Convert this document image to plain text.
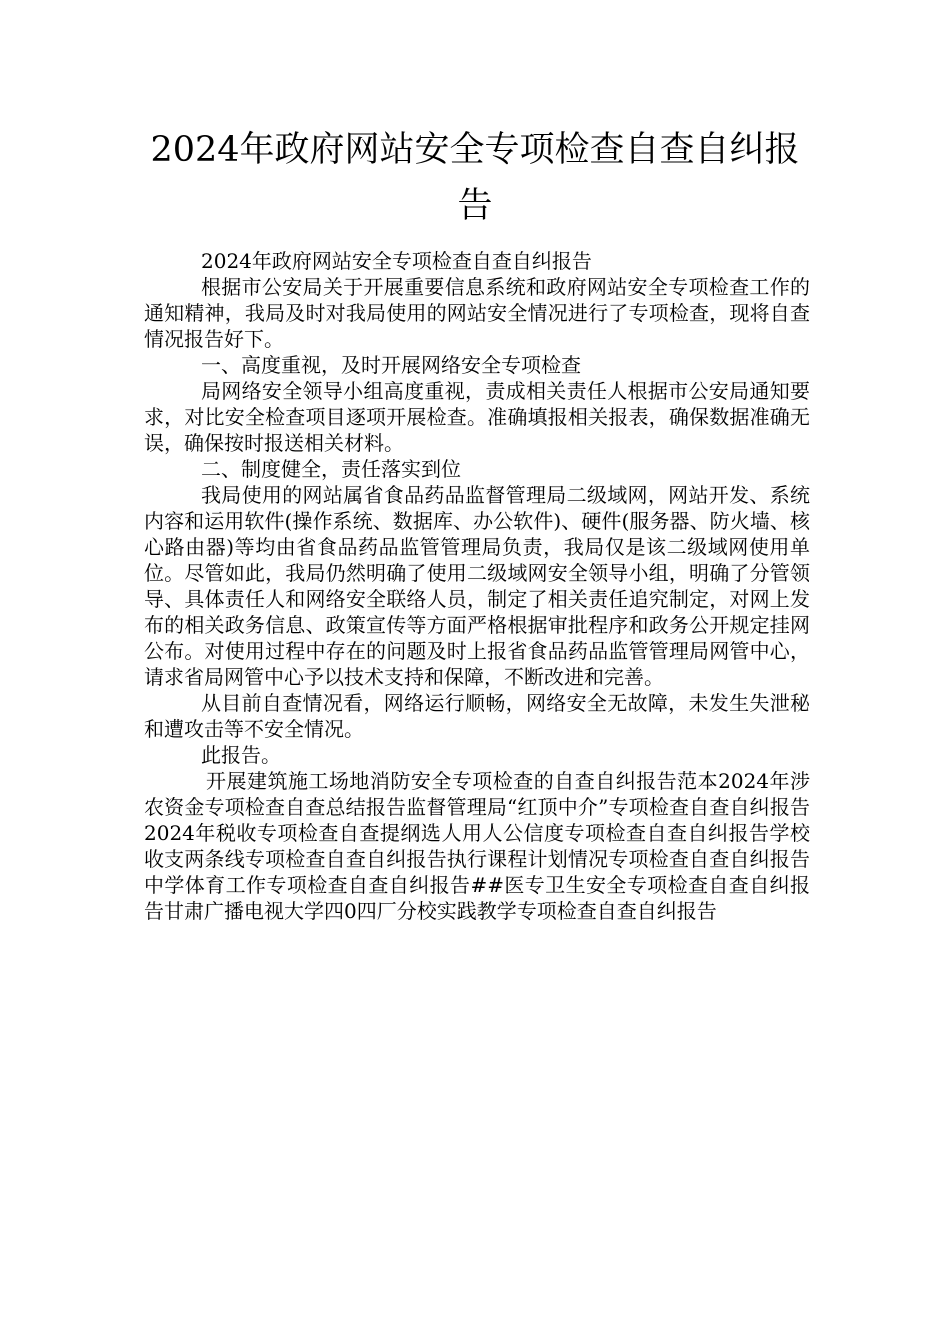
2024年政府网站安全专项检查自查自纠报告

2024年政府网站安全专项检查自查自纠报告

根据市公安局关于开展重要信息系统和政府网站安全专项检查工作的通知精神，我局及时对我局使用的网站安全情况进行了专项检查，现将自查情况报告好下。

一、高度重视，及时开展网络安全专项检查

局网络安全领导小组高度重视，责成相关责任人根据市公安局通知要求，对比安全检查项目逐项开展检查。准确填报相关报表，确保数据准确无误，确保按时报送相关材料。

二、制度健全，责任落实到位

我局使用的网站属省食品药品监督管理局二级域网，网站开发、系统内容和运用软件(操作系统、数据库、办公软件)、硬件(服务器、防火墙、核心路由器)等均由省食品药品监管管理局负责，我局仅是该二级域网使用单位。尽管如此，我局仍然明确了使用二级域网安全领导小组，明确了分管领导、具体责任人和网络安全联络人员，制定了相关责任追究制定，对网上发布的相关政务信息、政策宣传等方面严格根据审批程序和政务公开规定挂网公布。对使用过程中存在的问题及时上报省食品药品监管管理局网管中心，请求省局网管中心予以技术支持和保障，不断改进和完善。

从目前自查情况看，网络运行顺畅，网络安全无故障，未发生失泄秘和遭攻击等不安全情况。

此报告。

开展建筑施工场地消防安全专项检查的自查自纠报告范本2024年涉农资金专项检查自查总结报告监督管理局“红顶中介”专项检查自查自纠报告2024年税收专项检查自查提纲选人用人公信度专项检查自查自纠报告学校收支两条线专项检查自查自纠报告执行课程计划情况专项检查自查自纠报告中学体育工作专项检查自查自纠报告##医专卫生安全专项检查自查自纠报告甘肃广播电视大学四0四厂分校实践教学专项检查自查自纠报告
